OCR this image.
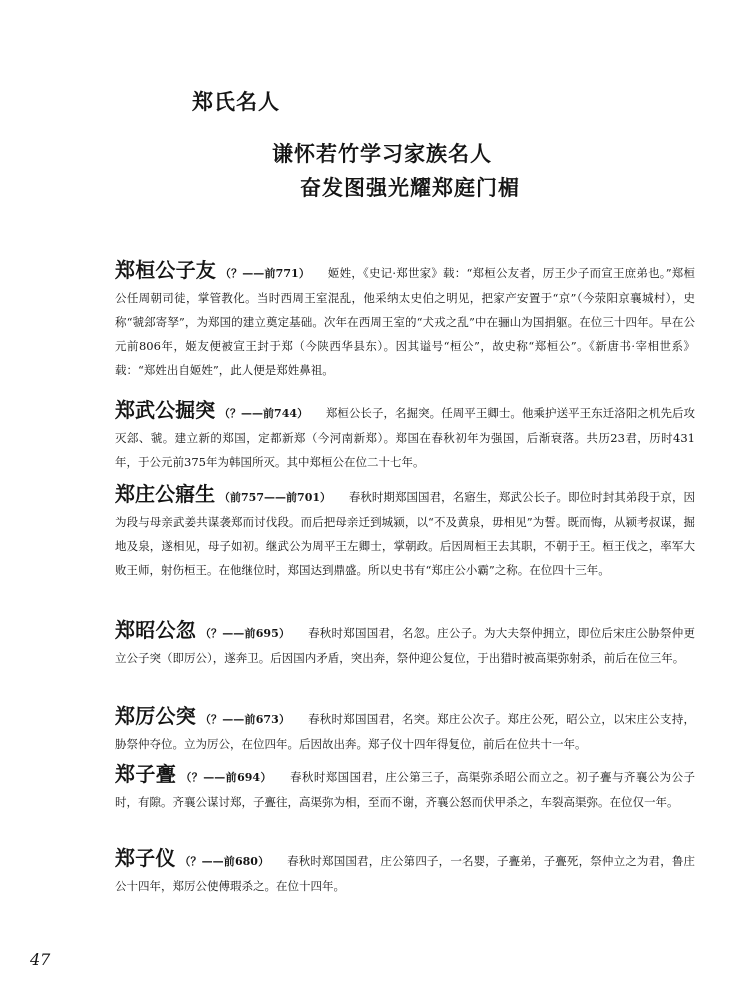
郑氏名人
谦怀若竹学习家族名人
奋发图强光耀郑庭门楣
郑桓公子友 （？——前771） 姬姓，《史记·郑世家》载：“郑桓公友者，厉王少子而宣王庶弟也。”郑桓公任周朝司徒，掌管教化。当时西周王室混乱，他采纳太史伯之明见，把家产安置于“京”（今荥阳京襄城村），史称“虢郐寄孥”，为郑国的建立奠定基础。次年在西周王室的“犬戎之乱”中在骊山为国捐躯。在位三十四年。早在公元前806年，姬友便被宣王封于郑（今陕西华县东）。因其谥号“桓公”，故史称“郑桓公”。《新唐书·宰相世系》载：“郑姓出自姬姓”，此人便是郑姓鼻祖。
郑武公掘突 （？——前744） 郑桓公长子，名掘突。任周平王卿士。他乘护送平王东迁洛阳之机先后攻灭郐、虢。建立新的郑国，定都新郑（今河南新郑）。郑国在春秋初年为强国，后渐衰落。共历23君，历时431年，于公元前375年为韩国所灭。其中郑桓公在位二十七年。
郑庄公寤生 （前757——前701） 春秋时期郑国国君，名寤生，郑武公长子。即位时封其弟段于京，因为段与母亲武姜共谋袭郑而讨伐段。而后把母亲迁到城颍，以“不及黄泉，毋相见”为誓。既而悔，从颍考叔谋，掘地及泉，遂相见，母子如初。继武公为周平王左卿士，掌朝政。后因周桓王去其职，不朝于王。桓王伐之，率军大败王师，射伤桓王。在他继位时，郑国达到鼎盛。所以史书有“郑庄公小霸”之称。在位四十三年。
郑昭公忽 （？——前695） 春秋时郑国国君，名忽。庄公子。为大夫祭仲拥立，即位后宋庄公胁祭仲更立公子突（即厉公），遂奔卫。后因国内矛盾，突出奔，祭仲迎公复位，于出猎时被高渠弥射杀，前后在位三年。
郑厉公突 （？——前673） 春秋时郑国国君，名突。郑庄公次子。郑庄公死，昭公立，以宋庄公支持，胁祭仲夺位。立为厉公，在位四年。后因故出奔。郑子仪十四年得复位，前后在位共十一年。
郑子亹 （？——前694） 春秋时郑国国君，庄公第三子，高渠弥杀昭公而立之。初子亹与齐襄公为公子时，有隙。齐襄公谋讨郑，子亹往，高渠弥为相，至而不谢，齐襄公怒而伏甲杀之，车裂高渠弥。在位仅一年。
郑子仪 （？——前680） 春秋时郑国国君，庄公第四子，一名婴，子亹弟，子亹死，祭仲立之为君，鲁庄公十四年，郑厉公使傅瑕杀之。在位十四年。
47
